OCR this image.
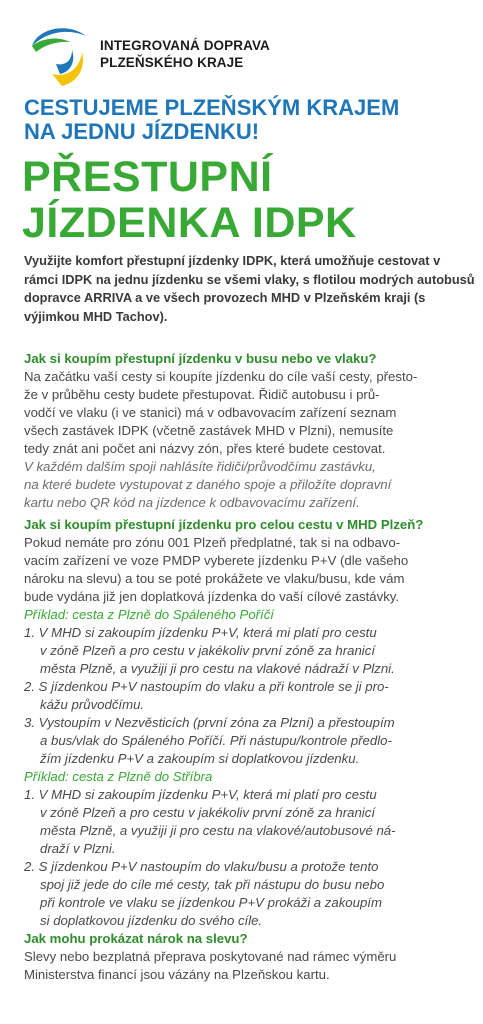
INTEGROVANÁ DOPRAVA
PLZEŇSKÉHO KRAJE
CESTUJEME PLZEŇSKÝM KRAJEM
NA JEDNU JÍZDENKU!
PŘESTUPNÍ
JÍZDENKA IDPK
Využijte komfort přestupní jízdenky IDPK, která umožňuje cestovat v rámci IDPK na jednu jízdenku se všemi vlaky, s flotilou modrých autobusů dopravce ARRIVA a ve všech provozech MHD v Plzeňském kraji (s výjimkou MHD Tachov).
Jak si koupím přestupní jízdenku v busu nebo ve vlaku?
Na začátku vaší cesty si koupíte jízdenku do cíle vaší cesty, přesto-
že v průběhu cesty budete přestupovat. Řidič autobusu i prů-
vodčí ve vlaku (i ve stanici) má v odbavovacím zařízení seznam
všech zastávek IDPK (včetně zastávek MHD v Plzni), nemusíte
tedy znát ani počet ani názvy zón, přes které budete cestovat.
V každém dalším spoji nahlásíte řidiči/průvodčímu zastávku,
na které budete vystupovat z daného spoje a přiložíte dopravní
kartu nebo QR kód na jízdence k odbavovacímu zařízení.
Jak si koupím přestupní jízdenku pro celou cestu v MHD Plzeň?
Pokud nemáte pro zónu 001 Plzeň předplatné, tak si na odbavo-
vacím zařízení ve voze PMDP vyberete jízdenku P+V (dle vašeho
nároku na slevu) a tou se poté prokážete ve vlaku/busu, kde vám
bude vydána již jen doplatková jízdenka do vaší cílové zastávky.
Příklad: cesta z Plzně do Spáleného Poříčí
1. V MHD si zakoupím jízdenku P+V, která mi platí pro cestu
v zóně Plzeň a pro cestu v jakékoliv první zóně za hranicí
města Plzně, a využiji ji pro cestu na vlakové nádraží v Plzni.
2. S jízdenkou P+V nastoupím do vlaku a při kontrole se ji pro-
kážu průvodčímu.
3. Vystoupím v Nezvěsticích (první zóna za Plzní) a přestoupím
a bus/vlak do Spáleného Poříčí. Při nástupu/kontrole předlo-
žím jízdenku P+V a zakoupím si doplatkovou jízdenku.
Příklad: cesta z Plzně do Stříbra
1. V MHD si zakoupím jízdenku P+V, která mi platí pro cestu
v zóně Plzeň a pro cestu v jakékoliv první zóně za hranicí
města Plzně, a využiji ji pro cestu na vlakové/autobusové ná-
draží v Plzni.
2. S jízdenkou P+V nastoupím do vlaku/busu a protože tento
spoj již jede do cíle mé cesty, tak při nástupu do busu nebo
při kontrole ve vlaku se jízdenkou P+V prokáži a zakoupím
si doplatkovou jízdenku do svého cíle.
Jak mohu prokázat nárok na slevu?
Slevy nebo bezplatná přeprava poskytované nad rámec výměru
Ministerstva financí jsou vázány na Plzeňskou kartu.
